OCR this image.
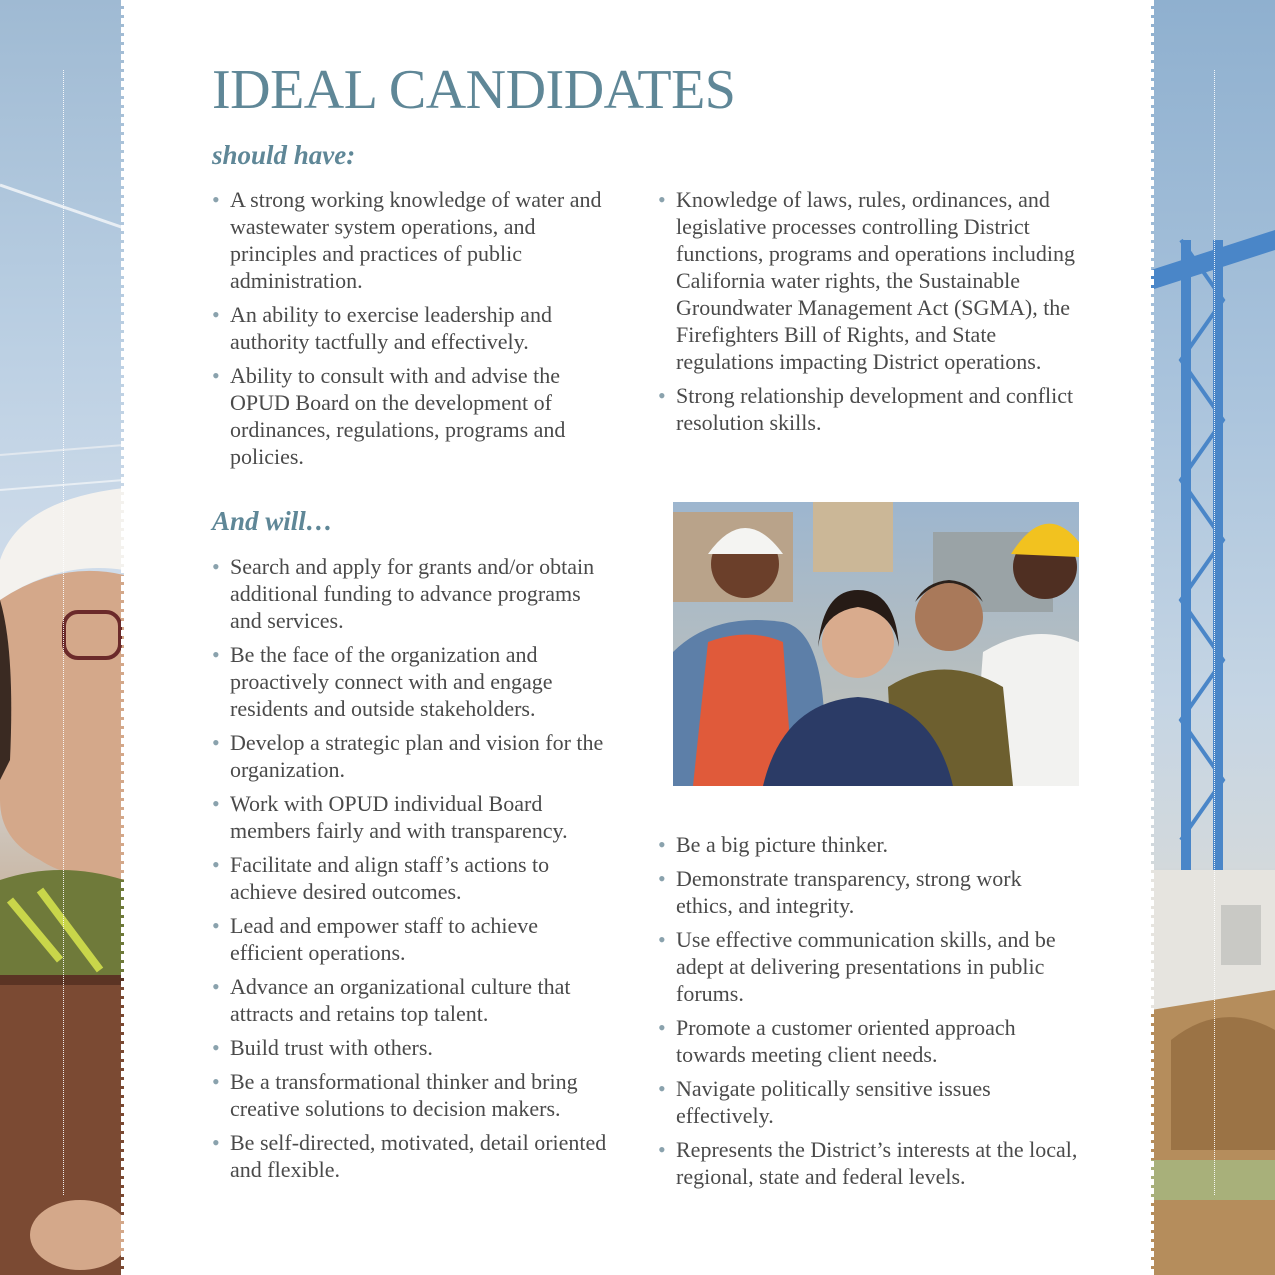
IDEAL CANDIDATES
should have:
• A strong working knowledge of water and wastewater system operations, and principles and practices of public administration.
• An ability to exercise leadership and authority tactfully and effectively.
• Ability to consult with and advise the OPUD Board on the development of ordinances, regulations, programs and policies.
• Knowledge of laws, rules, ordinances, and legislative processes controlling District functions, programs and operations including California water rights, the Sustainable Groundwater Management Act (SGMA), the Firefighters Bill of Rights, and State regulations impacting District operations.
• Strong relationship development and conflict resolution skills.
And will…
• Search and apply for grants and/or obtain additional funding to advance programs and services.
• Be the face of the organization and proactively connect with and engage residents and outside stakeholders.
• Develop a strategic plan and vision for the organization.
• Work with OPUD individual Board members fairly and with transparency.
• Facilitate and align staff’s actions to achieve desired outcomes.
• Lead and empower staff to achieve efficient operations.
• Advance an organizational culture that attracts and retains top talent.
• Build trust with others.
• Be a transformational thinker and bring creative solutions to decision makers.
• Be self-directed, motivated, detail oriented and flexible.
• Be a big picture thinker.
• Demonstrate transparency, strong work ethics, and integrity.
• Use effective communication skills, and be adept at delivering presentations in public forums.
• Promote a customer oriented approach towards meeting client needs.
• Navigate politically sensitive issues effectively.
• Represents the District’s interests at the local, regional, state and federal levels.
